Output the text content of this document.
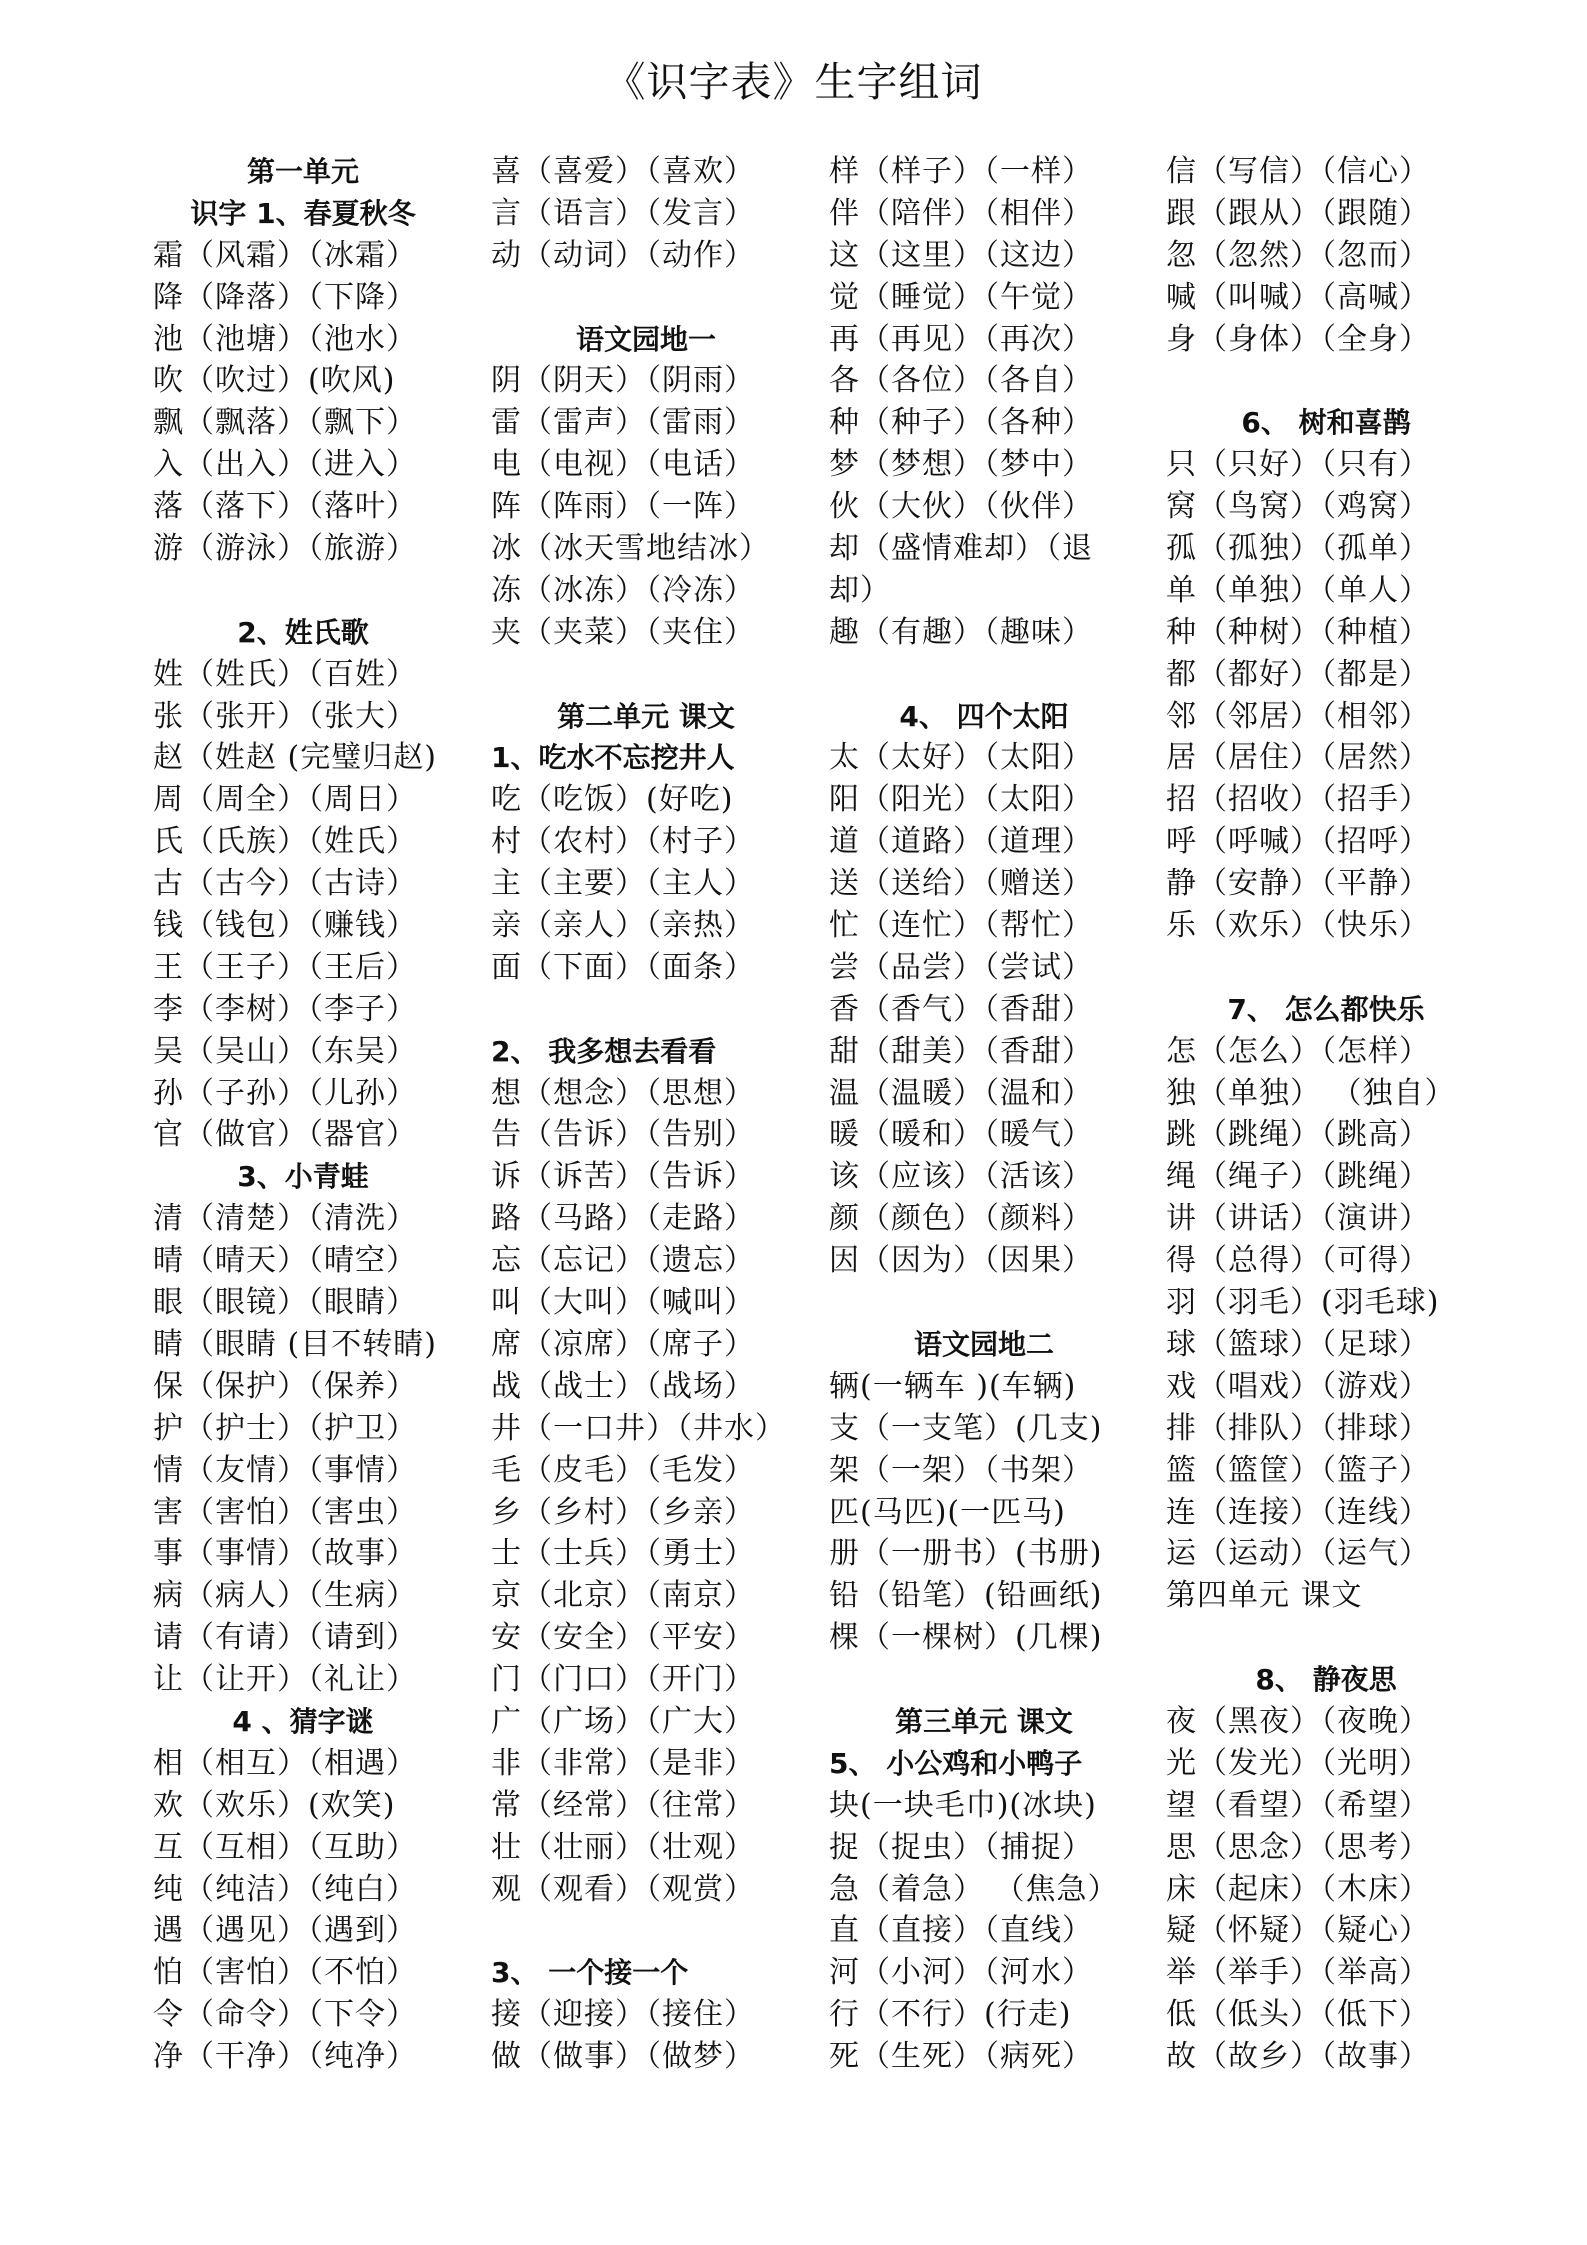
《识字表》生字组词
第一单元
识字 1、春夏秋冬
霜（风霜）（冰霜）
降（降落）（下降）
池（池塘）（池水）
吹（吹过）(吹风)
飘（飘落）（飘下）
入（出入）（进入）
落（落下）（落叶）
游（游泳）（旅游）
2、姓氏歌
姓（姓氏）（百姓）
张（张开）（张大）
赵（姓赵 (完璧归赵)
周（周全）（周日）
氏（氏族）（姓氏）
古（古今）（古诗）
钱（钱包）（赚钱）
王（王子）（王后）
李（李树）（李子）
吴（吴山）（东吴）
孙（子孙）（儿孙）
官（做官）（器官）
3、小青蛙
清（清楚）（清洗）
晴（晴天）（晴空）
眼（眼镜）（眼睛）
睛（眼睛 (目不转睛)
保（保护）（保养）
护（护士）（护卫）
情（友情）（事情）
害（害怕）（害虫）
事（事情）（故事）
病（病人）（生病）
请（有请）（请到）
让（让开）（礼让）
4 、猜字谜
相（相互）（相遇）
欢（欢乐）(欢笑)
互（互相）（互助）
纯（纯洁）（纯白）
遇（遇见）（遇到）
怕（害怕）（不怕）
令（命令）（下令）
净（干净）（纯净）
喜（喜爱）（喜欢）
言（语言）（发言）
动（动词）（动作）
语文园地一
阴（阴天）（阴雨）
雷（雷声）（雷雨）
电（电视）（电话）
阵（阵雨）（一阵）
冰（冰天雪地结冰）
冻（冰冻）（冷冻）
夹（夹菜）（夹住）
第二单元 课文
1、吃水不忘挖井人
吃（吃饭）(好吃)
村（农村）（村子）
主（主要）（主人）
亲（亲人）（亲热）
面（下面）（面条）
2、 我多想去看看
想（想念）（思想）
告（告诉）（告别）
诉（诉苦）（告诉）
路（马路）（走路）
忘（忘记）（遗忘）
叫（大叫）（喊叫）
席（凉席）（席子）
战（战士）（战场）
井（一口井）（井水）
毛（皮毛）（毛发）
乡（乡村）（乡亲）
士（士兵）（勇士）
京（北京）（南京）
安（安全）（平安）
门（门口）（开门）
广（广场）（广大）
非（非常）（是非）
常（经常）（往常）
壮（壮丽）（壮观）
观（观看）（观赏）
3、 一个接一个
接（迎接）（接住）
做（做事）（做梦）
样（样子）（一样）
伴（陪伴）（相伴）
这（这里）（这边）
觉（睡觉）（午觉）
再（再见）（再次）
各（各位）（各自）
种（种子）（各种）
梦（梦想）（梦中）
伙（大伙）（伙伴）
却（盛情难却）（退
却）
趣（有趣）（趣味）
4、 四个太阳
太（太好）（太阳）
阳（阳光）（太阳）
道（道路）（道理）
送（送给）（赠送）
忙（连忙）（帮忙）
尝（品尝）（尝试）
香（香气）（香甜）
甜（甜美）（香甜）
温（温暖）（温和）
暖（暖和）（暖气）
该（应该）（活该）
颜（颜色）（颜料）
因（因为）（因果）
语文园地二
辆(一辆车 )(车辆)
支（一支笔）(几支)
架（一架）（书架）
匹(马匹)(一匹马)
册（一册书）(书册)
铅（铅笔）(铅画纸)
棵（一棵树）(几棵)
第三单元 课文
5、 小公鸡和小鸭子
块(一块毛巾)(冰块)
捉（捉虫）（捕捉）
急（着急） （焦急）
直（直接）（直线）
河（小河）（河水）
行（不行）(行走)
死（生死）（病死）
信（写信）（信心）
跟（跟从）（跟随）
忽（忽然）（忽而）
喊（叫喊）（高喊）
身（身体）（全身）
6、 树和喜鹊
只（只好）（只有）
窝（鸟窝）（鸡窝）
孤（孤独）（孤单）
单（单独）（单人）
种（种树）（种植）
都（都好）（都是）
邻（邻居）（相邻）
居（居住）（居然）
招（招收）（招手）
呼（呼喊）（招呼）
静（安静）（平静）
乐（欢乐）（快乐）
7、 怎么都快乐
怎（怎么）（怎样）
独（单独） （独自）
跳（跳绳）（跳高）
绳（绳子）（跳绳）
讲（讲话）（演讲）
得（总得）（可得）
羽（羽毛）(羽毛球)
球（篮球）（足球）
戏（唱戏）（游戏）
排（排队）（排球）
篮（篮筐）（篮子）
连（连接）（连线）
运（运动）（运气）
第四单元 课文
8、 静夜思
夜（黑夜）（夜晚）
光（发光）（光明）
望（看望）（希望）
思（思念）（思考）
床（起床）（木床）
疑（怀疑）（疑心）
举（举手）（举高）
低（低头）（低下）
故（故乡）（故事）
